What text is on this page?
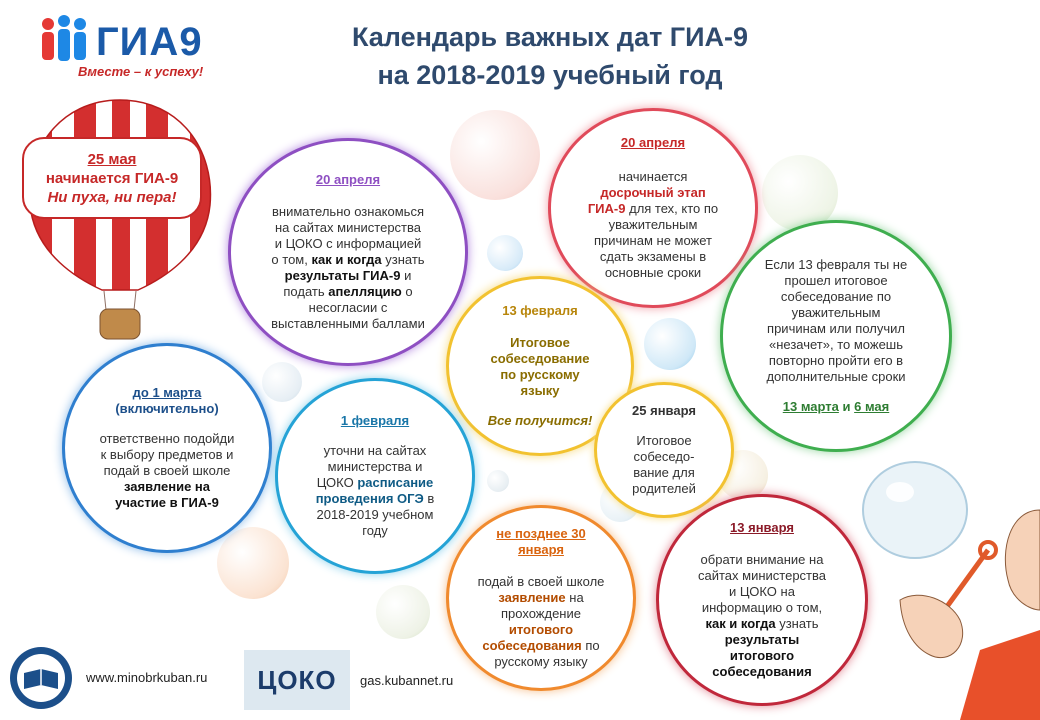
ГИА9
Вместе – к успеху!
Календарь важных дат ГИА-9
на 2018-2019 учебный год
25 мая
начинается ГИА-9
Ни пуха, ни пера!
20 апреля
внимательно ознакомься на сайтах министерства и ЦОКО с информацией о том, как и когда узнать результаты ГИА-9 и подать апелляцию о несогласии с выставленными баллами
20 апреля
начинается досрочный этап ГИА-9 для тех, кто по уважительным причинам не может сдать экзамены в основные сроки
13 февраля
Итоговое собеседование по русскому языку
Все получится!
Если 13 февраля ты не прошел итоговое собеседование по уважительным причинам или получил «незачет», то можешь повторно пройти его в дополнительные сроки
13 марта и 6 мая
до 1 марта
(включительно)
ответственно подойди к выбору предметов и подай в своей школе заявление на участие в ГИА-9
1 февраля
уточни на сайтах министерства и ЦОКО расписание проведения ОГЭ в 2018-2019 учебном году
25 января
Итоговое собеседо-вание для родителей
не позднее 30 января
подай в своей школе заявление на прохождение итогового собеседования по русскому языку
13 января
обрати внимание на сайтах министерства и ЦОКО на информацию о том, как и когда узнать результаты итогового собеседования
www.minobrkuban.ru	ЦОКО	gas.kubannet.ru
